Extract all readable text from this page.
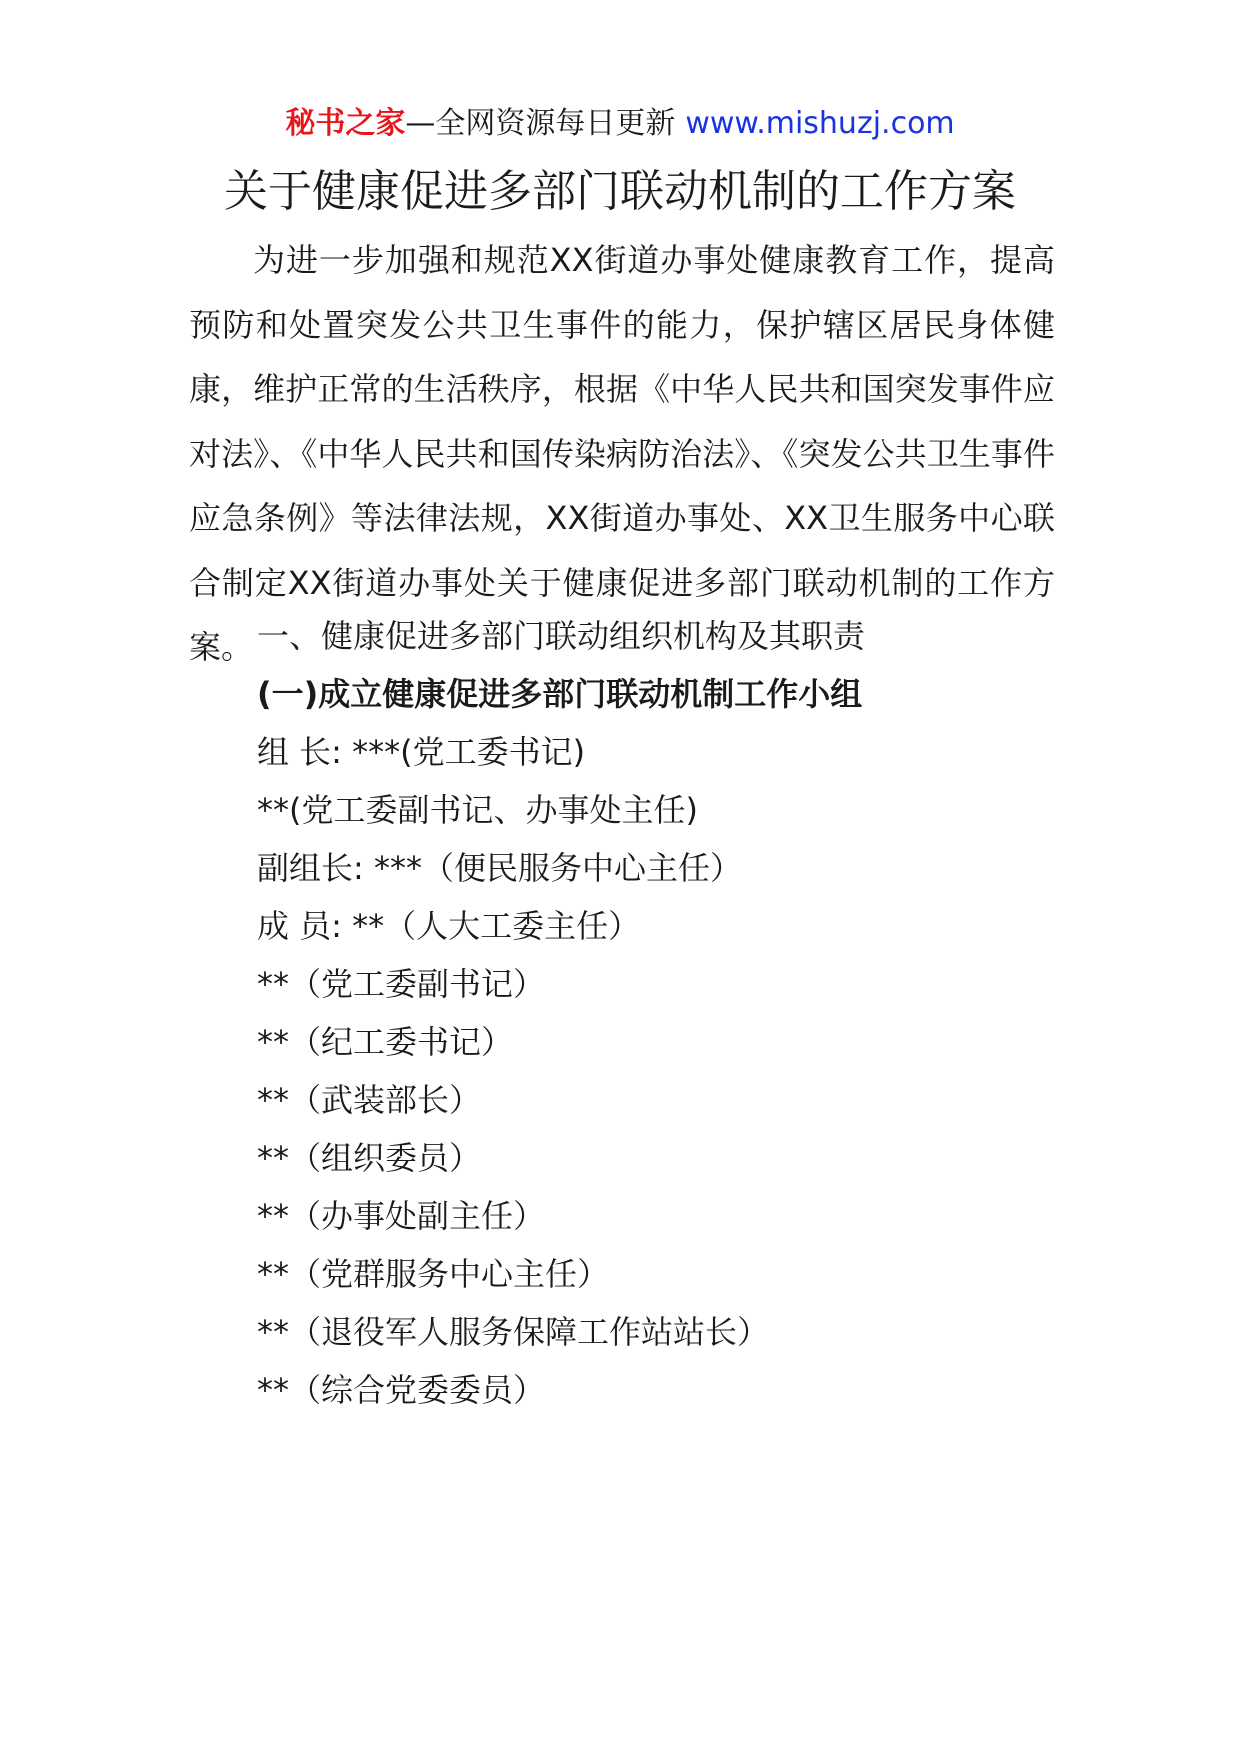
秘书之家—全网资源每日更新 www.mishuzj.com
关于健康促进多部门联动机制的工作方案

为进一步加强和规范XX街道办事处健康教育工作，提高预防和处置突发公共卫生事件的能力，保护辖区居民身体健康，维护正常的生活秩序，根据《中华人民共和国突发事件应对法》、《中华人民共和国传染病防治法》、《突发公共卫生事件应急条例》等法律法规，XX街道办事处、XX卫生服务中心联合制定XX街道办事处关于健康促进多部门联动机制的工作方案。 一、健康促进多部门联动组织机构及其职责
(一)成立健康促进多部门联动机制工作小组
组 长: ***(党工委书记)
**(党工委副书记、办事处主任)
副组长: ***（便民服务中心主任）
成 员: **（人大工委主任）
**（党工委副书记）
**（纪工委书记）
**（武装部长）
**（组织委员）
**（办事处副主任）
**（党群服务中心主任）
**（退役军人服务保障工作站站长）
**（综合党委委员）
